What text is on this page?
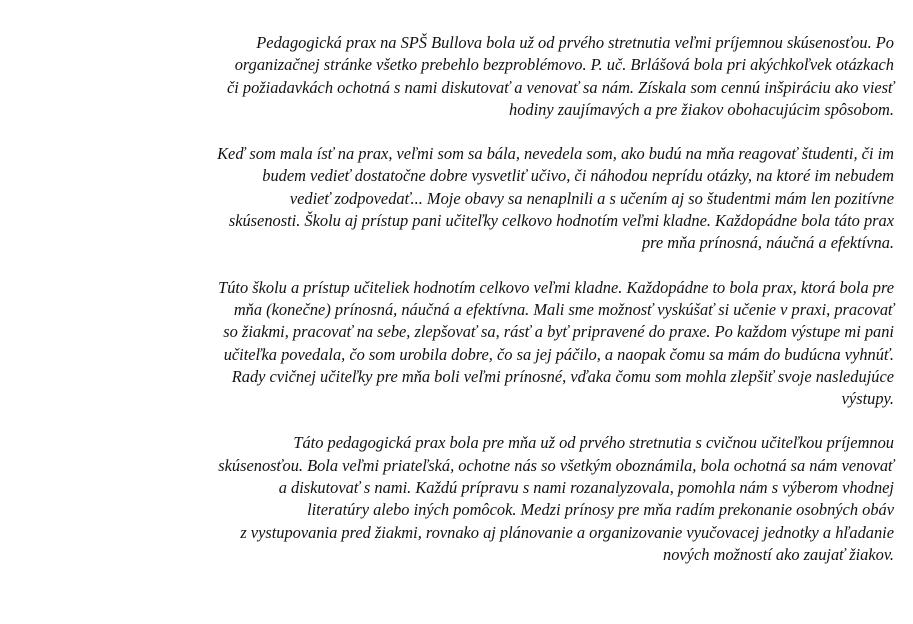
Pedagogická prax na SPŠ Bullova bola už od prvého stretnutia veľmi príjemnou skúsenosťou. Po
organizačnej stránke všetko prebehlo bezproblémovo. P. uč. Brlášová bola pri akýchkoľvek otázkach
či požiadavkách ochotná s nami diskutovať a venovať sa nám. Získala som cennú inšpiráciu ako viesť
hodiny zaujímavých a pre žiakov obohacujúcim spôsobom.

Keď som mala ísť na prax, veľmi som sa bála, nevedela som, ako budú na mňa reagovať študenti, či im
budem vedieť dostatočne dobre vysvetliť učivo, či náhodou neprídu otázky, na ktoré im nebudem
vedieť zodpovedať... Moje obavy sa nenaplnili a s učením aj so študentmi mám len pozitívne
skúsenosti. Školu aj prístup pani učiteľky celkovo hodnotím veľmi kladne. Každopádne bola táto prax
pre mňa prínosná, náučná a efektívna.

Túto školu a prístup učiteliek hodnotím celkovo veľmi kladne. Každopádne to bola prax, ktorá bola pre
mňa (konečne) prínosná, náučná a efektívna. Mali sme možnosť vyskúšať si učenie v praxi, pracovať
so žiakmi, pracovať na sebe, zlepšovať sa, rásť a byť pripravené do praxe. Po každom výstupe mi pani
učiteľka povedala, čo som urobila dobre, čo sa jej páčilo, a naopak čomu sa mám do budúcna vyhnúť.
Rady cvičnej učiteľky pre mňa boli veľmi prínosné, vďaka čomu som mohla zlepšiť svoje nasledujúce
výstupy.

Táto pedagogická prax bola pre mňa už od prvého stretnutia s cvičnou učiteľkou príjemnou
skúsenosťou. Bola veľmi priateľská, ochotne nás so všetkým oboznámila, bola ochotná sa nám venovať
a diskutovať s nami. Každú prípravu s nami rozanalyzovala, pomohla nám s výberom vhodnej
literatúry alebo iných pomôcok. Medzi prínosy pre mňa radím prekonanie osobných obáv
z vystupovania pred žiakmi, rovnako aj plánovanie a organizovanie vyučovacej jednotky a hľadanie
nových možností ako zaujať žiakov.
